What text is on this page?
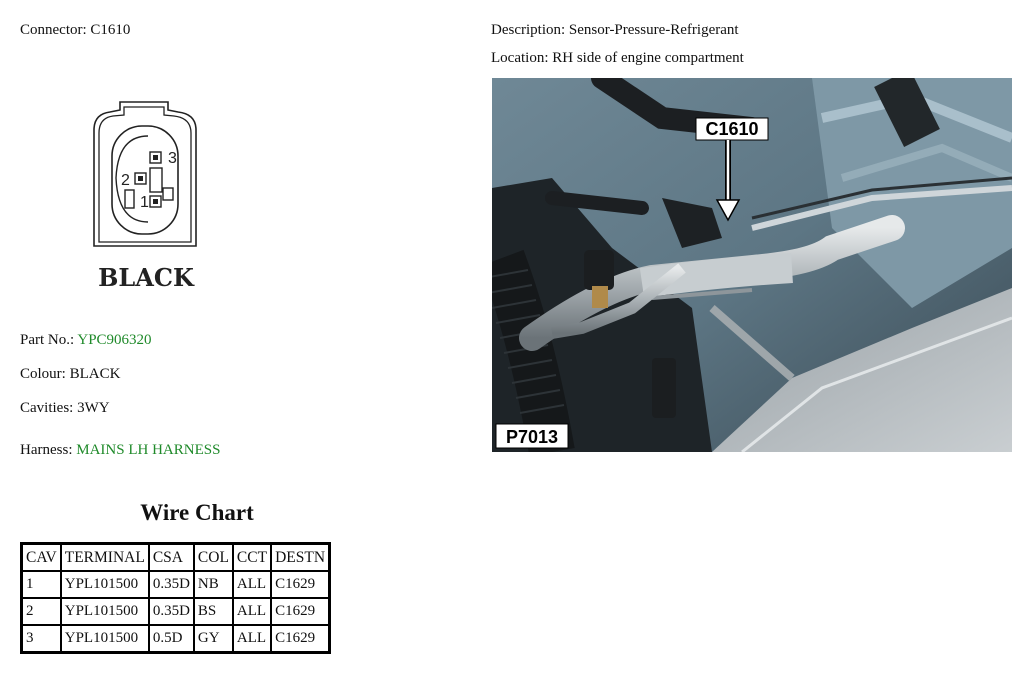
Connector: C1610
3
2
1
BLACK
Part No.: YPC906320
Colour: BLACK
Cavities: 3WY
Harness: MAINS LH HARNESS
Wire Chart
CAV	TERMINAL	CSA	COL	CCT	DESTN
1	YPL101500	0.35D	NB	ALL	C1629
2	YPL101500	0.35D	BS	ALL	C1629
3	YPL101500	0.5D	GY	ALL	C1629
Description: Sensor-Pressure-Refrigerant
Location: RH side of engine compartment
C1610
P7013
